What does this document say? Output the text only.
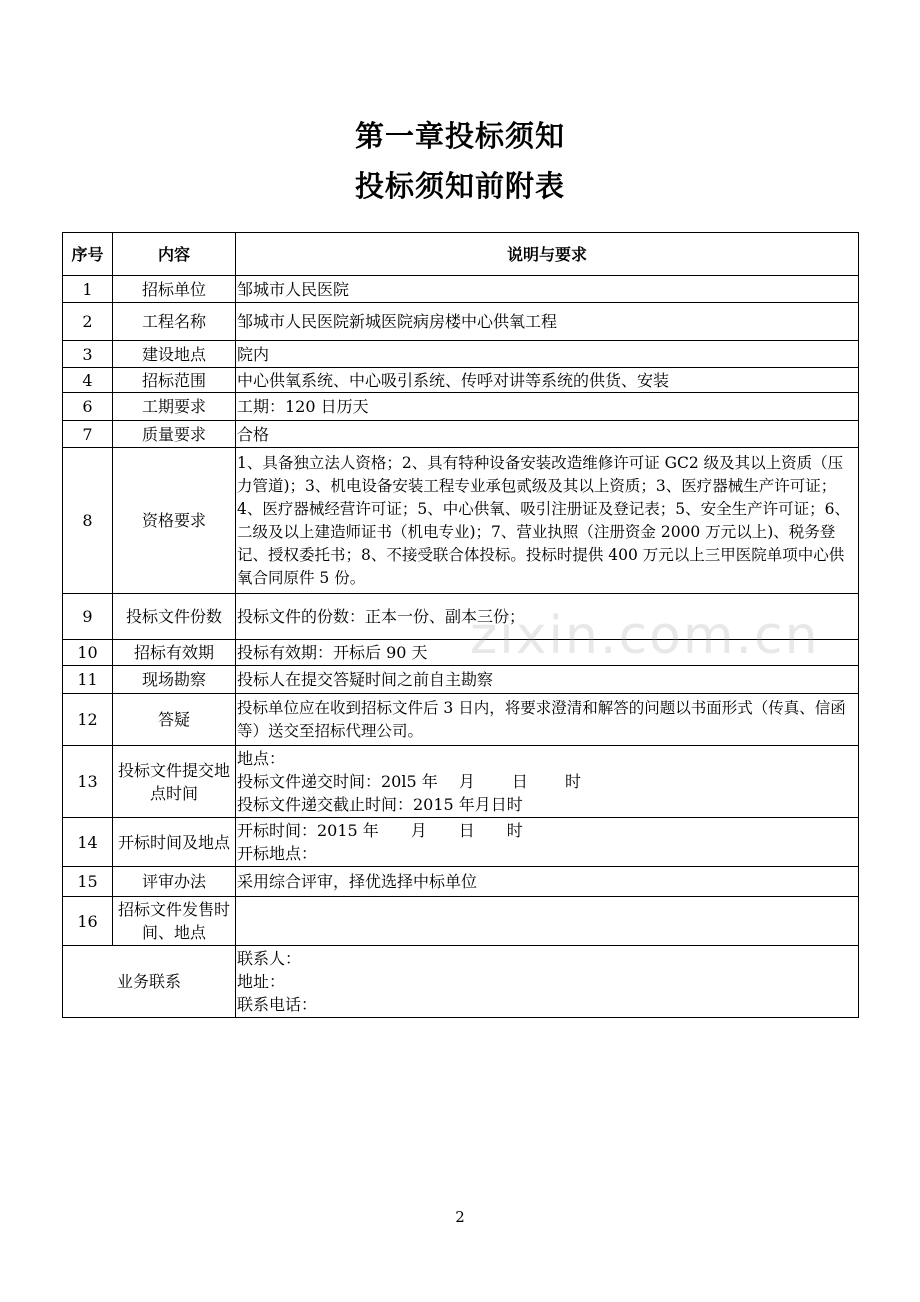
第一章投标须知
投标须知前附表
序号	内容	说明与要求
1	招标单位	邹城市人民医院
2	工程名称	邹城市人民医院新城医院病房楼中心供氧工程
3	建设地点	院内
4	招标范围	中心供氧系统、中心吸引系统、传呼对讲等系统的供货、安装
6	工期要求	工期：120 日历天
7	质量要求	合格
8	资格要求	1、具备独立法人资格；2、具有特种设备安装改造维修许可证 GC2 级及其以上资质（压力管道)；3、机电设备安装工程专业承包贰级及其以上资质；3、医疗器械生产许可证； 4、医疗器械经营许可证；5、中心供氧、吸引注册证及登记表；5、安全生产许可证；6、 二级及以上建造师证书（机电专业)；7、营业执照（注册资金 2000 万元以上)、税务登记、授权委托书；8、不接受联合体投标。投标时提供 400 万元以上三甲医院单项中心供氧合同原件 5 份。
9	投标文件份数	投标文件的份数：正本一份、副本三份；
10	招标有效期	投标有效期：开标后 90 天
11	现场勘察	投标人在提交答疑时间之前自主勘察
12	答疑	投标单位应在收到招标文件后 3 日内，将要求澄清和解答的问题以书面形式（传真、信函等）送交至招标代理公司。
13	投标文件提交地点时间	地点：
投标文件递交时间：20l5 年　 月　　 日　　 时
投标文件递交截止时间：2015 年月日时
14	开标时间及地点	开标时间：2015 年　　月　　日　　时
开标地点：
15	评审办法	采用综合评审，择优选择中标单位
16	招标文件发售时间、地点	
业务联系		联系人：
地址：
联系电话：
zixin.com.cn
2
